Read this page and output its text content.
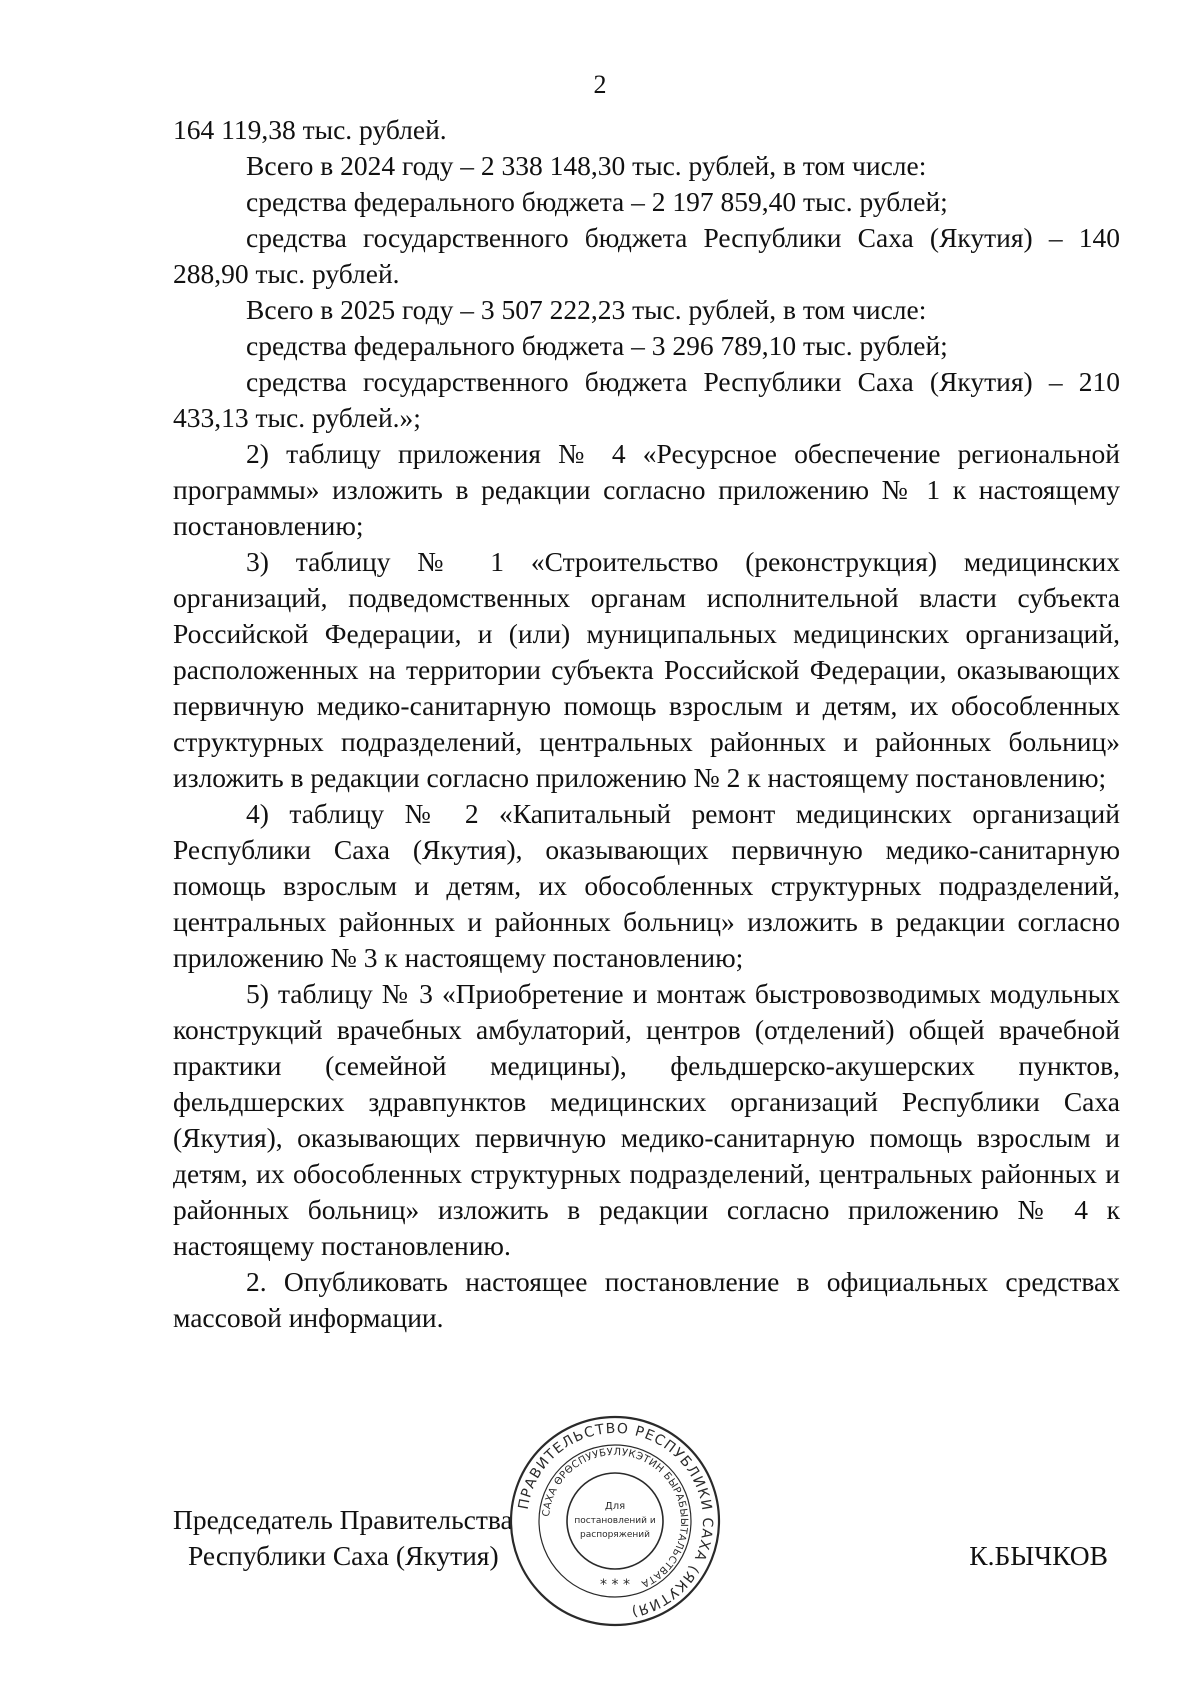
2

164 119,38 тыс. рублей.

Всего в 2024 году – 2 338 148,30 тыс. рублей, в том числе:

средства федерального бюджета – 2 197 859,40 тыс. рублей;

средства государственного бюджета Республики Саха (Якутия) – 140 288,90 тыс. рублей.

Всего в 2025 году – 3 507 222,23 тыс. рублей, в том числе:

средства федерального бюджета – 3 296 789,10 тыс. рублей;

средства государственного бюджета Республики Саха (Якутия) – 210 433,13 тыс. рублей.»;

2) таблицу приложения № 4 «Ресурсное обеспечение региональной программы» изложить в редакции согласно приложению № 1 к настоящему постановлению;

3) таблицу № 1 «Строительство (реконструкция) медицинских организаций, подведомственных органам исполнительной власти субъекта Российской Федерации, и (или) муниципальных медицинских организаций, расположенных на территории субъекта Российской Федерации, оказывающих первичную медико-санитарную помощь взрослым и детям, их обособленных структурных подразделений, центральных районных и районных больниц» изложить в редакции согласно приложению № 2 к настоящему постановлению;

4) таблицу № 2 «Капитальный ремонт медицинских организаций Республики Саха (Якутия), оказывающих первичную медико-санитарную помощь взрослым и детям, их обособленных структурных подразделений, центральных районных и районных больниц» изложить в редакции согласно приложению № 3 к настоящему постановлению;

5) таблицу № 3 «Приобретение и монтаж быстровозводимых модульных конструкций врачебных амбулаторий, центров (отделений) общей врачебной практики (семейной медицины), фельдшерско-акушерских пунктов, фельдшерских здравпунктов медицинских организаций Республики Саха (Якутия), оказывающих первичную медико-санитарную помощь взрослым и детям, их обособленных структурных подразделений, центральных районных и районных больниц» изложить в редакции согласно приложению № 4 к настоящему постановлению.

2. Опубликовать настоящее постановление в официальных средствах массовой информации.

Председатель Правительства
Республики Саха (Якутия)
ПРАВИТЕЛЬСТВО РЕСПУБЛИКИ САХА (ЯКУТИЯ)
САХА ӨРӨСПУУБУЛУКЭТИН БЫРАБЫЫТАЛЬСТВАТА
Для
постановлений и
распоряжений
* * *
К.БЫЧКОВ
